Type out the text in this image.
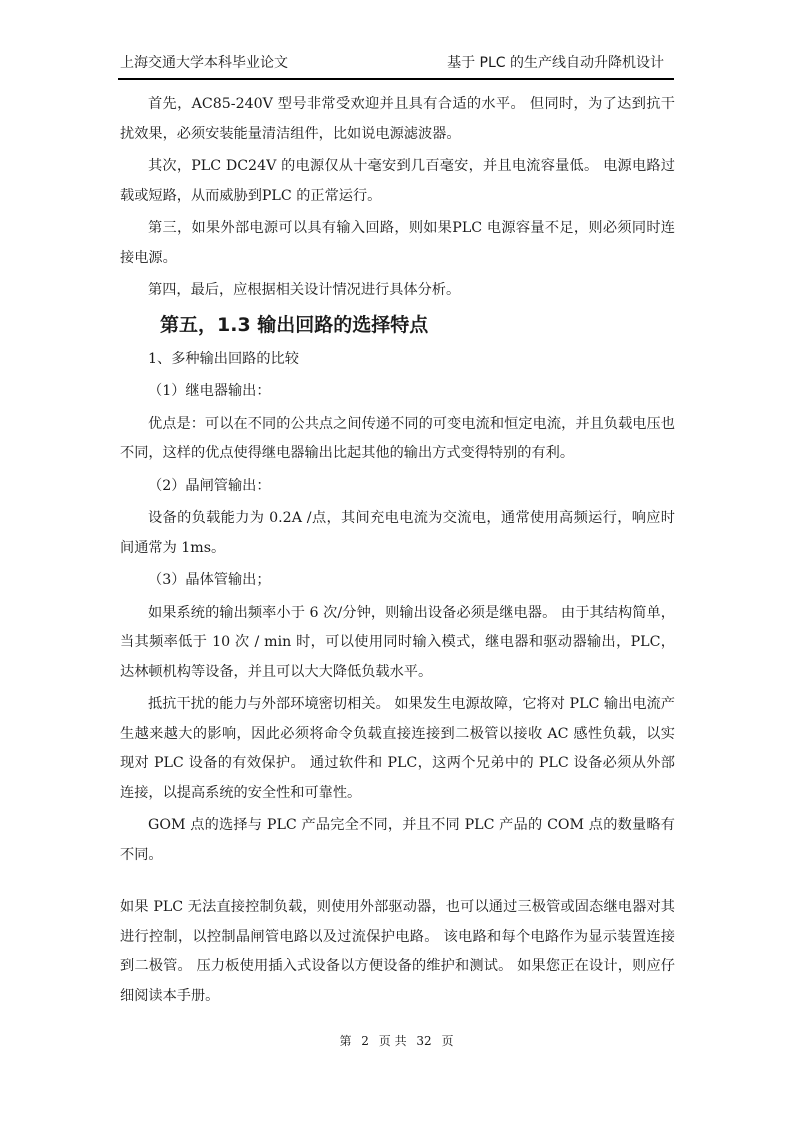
上海交通大学本科毕业论文	基于 PLC 的生产线自动升降机设计

首先，AC85-240V 型号非常受欢迎并且具有合适的水平。 但同时，为了达到抗干扰效果，必须安装能量清洁组件，比如说电源滤波器。

其次，PLC DC24V 的电源仅从十毫安到几百毫安，并且电流容量低。 电源电路过载或短路，从而威胁到PLC 的正常运行。

第三，如果外部电源可以具有输入回路，则如果PLC 电源容量不足，则必须同时连接电源。

第四，最后，应根据相关设计情况进行具体分析。

第五，1.3 输出回路的选择特点

1、多种输出回路的比较

（1）继电器输出：

优点是：可以在不同的公共点之间传递不同的可变电流和恒定电流，并且负载电压也不同，这样的优点使得继电器输出比起其他的输出方式变得特别的有利。

（2）晶闸管输出：

设备的负载能力为 0.2A /点，其间充电电流为交流电，通常使用高频运行，响应时间通常为 1ms。

（3）晶体管输出；

如果系统的输出频率小于 6 次/分钟，则输出设备必须是继电器。 由于其结构简单，当其频率低于 10 次 / min 时，可以使用同时输入模式，继电器和驱动器输出，PLC，达林顿机构等设备，并且可以大大降低负载水平。

抵抗干扰的能力与外部环境密切相关。 如果发生电源故障，它将对 PLC 输出电流产生越来越大的影响，因此必须将命令负载直接连接到二极管以接收 AC 感性负载，以实现对 PLC 设备的有效保护。 通过软件和 PLC，这两个兄弟中的 PLC 设备必须从外部连接，以提高系统的安全性和可靠性。

GOM 点的选择与 PLC 产品完全不同，并且不同 PLC 产品的 COM 点的数量略有不同。

如果 PLC 无法直接控制负载，则使用外部驱动器，也可以通过三极管或固态继电器对其进行控制，以控制晶闸管电路以及过流保护电路。 该电路和每个电路作为显示装置连接到二极管。 压力板使用插入式设备以方便设备的维护和测试。 如果您正在设计，则应仔细阅读本手册。

第 2 页 共 32 页
